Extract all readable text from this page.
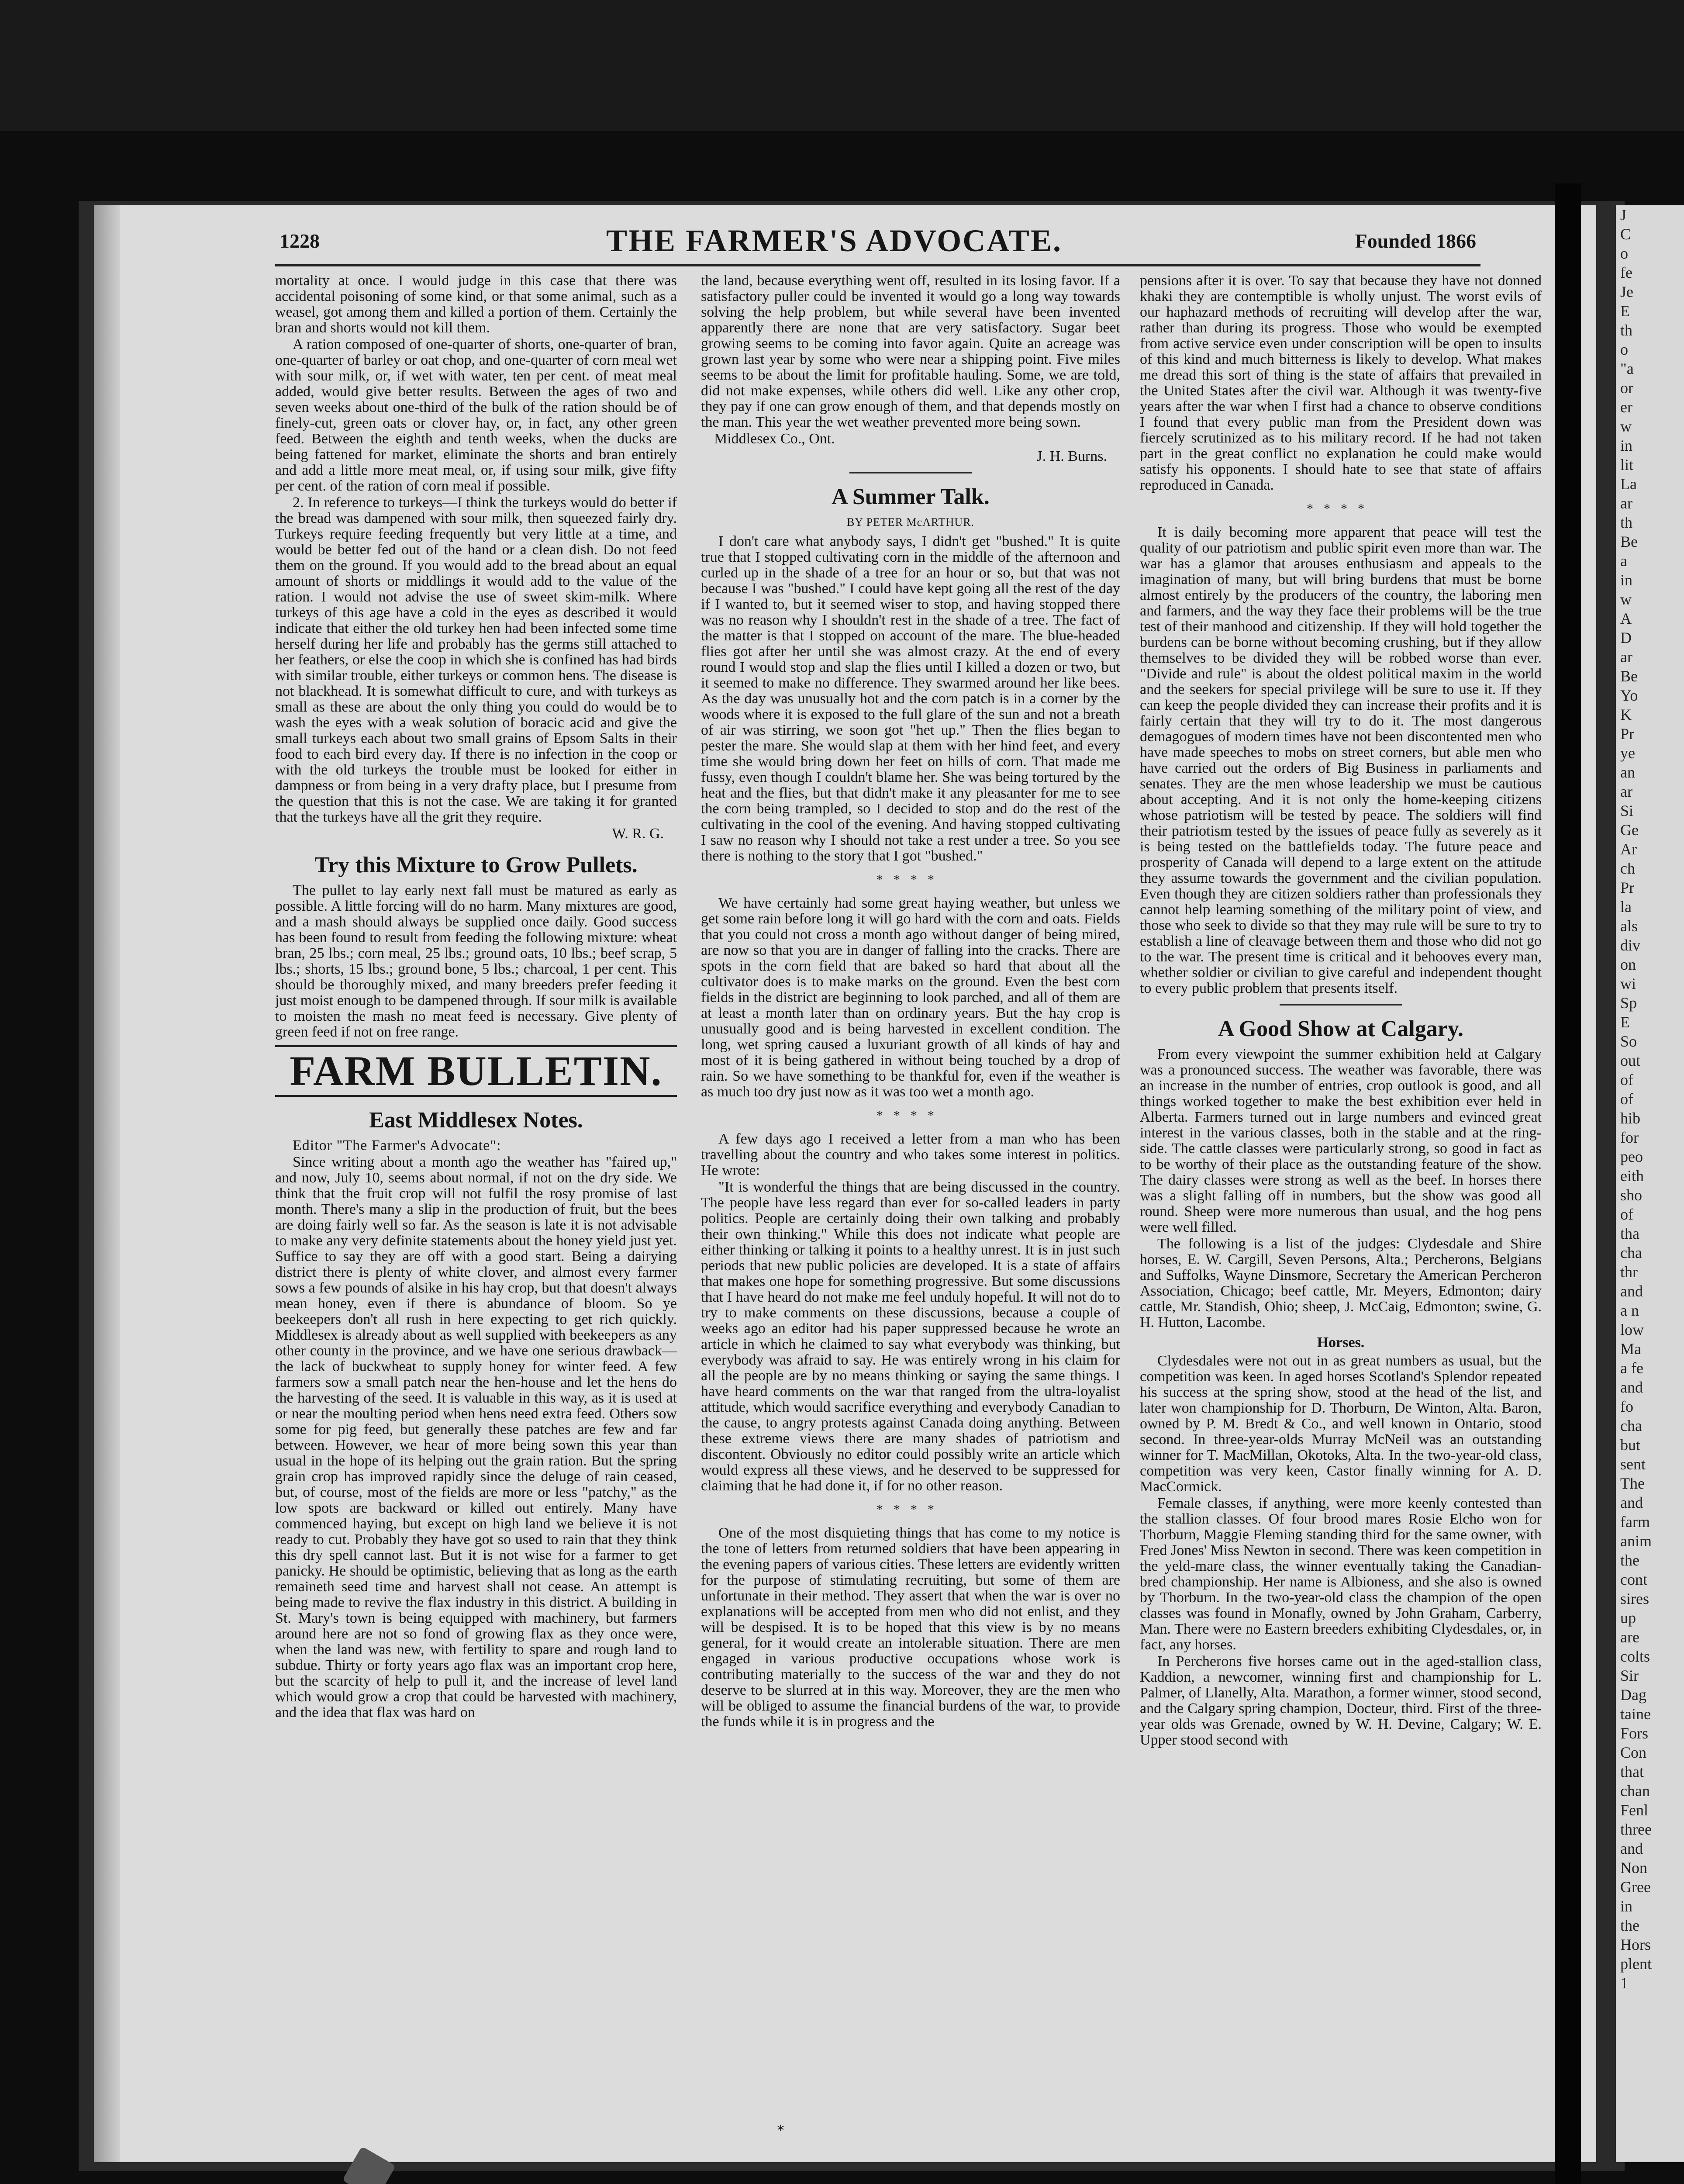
1228	THE FARMER'S ADVOCATE.	Founded 1866

mortality at once. I would judge in this case that there was accidental poisoning of some kind, or that some animal, such as a weasel, got among them and killed a portion of them. Certainly the bran and shorts would not kill them.

A ration composed of one-quarter of shorts, one-quarter of bran, one-quarter of barley or oat chop, and one-quarter of corn meal wet with sour milk, or, if wet with water, ten per cent. of meat meal added, would give better results. Between the ages of two and seven weeks about one-third of the bulk of the ration should be of finely-cut, green oats or clover hay, or, in fact, any other green feed. Between the eighth and tenth weeks, when the ducks are being fattened for market, eliminate the shorts and bran entirely and add a little more meat meal, or, if using sour milk, give fifty per cent. of the ration of corn meal if possible.

2. In reference to turkeys—I think the turkeys would do better if the bread was dampened with sour milk, then squeezed fairly dry. Turkeys require feeding frequently but very little at a time, and would be better fed out of the hand or a clean dish. Do not feed them on the ground. If you would add to the bread about an equal amount of shorts or middlings it would add to the value of the ration. I would not advise the use of sweet skim-milk. Where turkeys of this age have a cold in the eyes as described it would indicate that either the old turkey hen had been infected some time herself during her life and probably has the germs still attached to her feathers, or else the coop in which she is confined has had birds with similar trouble, either turkeys or common hens. The disease is not blackhead. It is somewhat difficult to cure, and with turkeys as small as these are about the only thing you could do would be to wash the eyes with a weak solution of boracic acid and give the small turkeys each about two small grains of Epsom Salts in their food to each bird every day. If there is no infection in the coop or with the old turkeys the trouble must be looked for either in dampness or from being in a very drafty place, but I presume from the question that this is not the case. We are taking it for granted that the turkeys have all the grit they require.

W. R. G.
Try this Mixture to Grow Pullets.

The pullet to lay early next fall must be matured as early as possible. A little forcing will do no harm. Many mixtures are good, and a mash should always be supplied once daily. Good success has been found to result from feeding the following mixture: wheat bran, 25 lbs.; corn meal, 25 lbs.; ground oats, 10 lbs.; beef scrap, 5 lbs.; shorts, 15 lbs.; ground bone, 5 lbs.; charcoal, 1 per cent. This should be thoroughly mixed, and many breeders prefer feeding it just moist enough to be dampened through. If sour milk is available to moisten the mash no meat feed is necessary. Give plenty of green feed if not on free range.

FARM BULLETIN.
East Middlesex Notes.

Editor "The Farmer's Advocate":

Since writing about a month ago the weather has "faired up," and now, July 10, seems about normal, if not on the dry side. We think that the fruit crop will not fulfil the rosy promise of last month. There's many a slip in the production of fruit, but the bees are doing fairly well so far. As the season is late it is not advisable to make any very definite statements about the honey yield just yet. Suffice to say they are off with a good start. Being a dairying district there is plenty of white clover, and almost every farmer sows a few pounds of alsike in his hay crop, but that doesn't always mean honey, even if there is abundance of bloom. So ye beekeepers don't all rush in here expecting to get rich quickly. Middlesex is already about as well supplied with beekeepers as any other county in the province, and we have one serious drawback—the lack of buckwheat to supply honey for winter feed. A few farmers sow a small patch near the hen-house and let the hens do the harvesting of the seed. It is valuable in this way, as it is used at or near the moulting period when hens need extra feed. Others sow some for pig feed, but generally these patches are few and far between. However, we hear of more being sown this year than usual in the hope of its helping out the grain ration. But the spring grain crop has improved rapidly since the deluge of rain ceased, but, of course, most of the fields are more or less "patchy," as the low spots are backward or killed out entirely. Many have commenced haying, but except on high land we believe it is not ready to cut. Probably they have got so used to rain that they think this dry spell cannot last. But it is not wise for a farmer to get panicky. He should be optimistic, believing that as long as the earth remaineth seed time and harvest shall not cease. An attempt is being made to revive the flax industry in this district. A building in St. Mary's town is being equipped with machinery, but farmers around here are not so fond of growing flax as they once were, when the land was new, with fertility to spare and rough land to subdue. Thirty or forty years ago flax was an important crop here, but the scarcity of help to pull it, and the increase of level land which would grow a crop that could be harvested with machinery, and the idea that flax was hard on

the land, because everything went off, resulted in its losing favor. If a satisfactory puller could be invented it would go a long way towards solving the help problem, but while several have been invented apparently there are none that are very satisfactory. Sugar beet growing seems to be coming into favor again. Quite an acreage was grown last year by some who were near a shipping point. Five miles seems to be about the limit for profitable hauling. Some, we are told, did not make expenses, while others did well. Like any other crop, they pay if one can grow enough of them, and that depends mostly on the man. This year the wet weather prevented more being sown.

Middlesex Co., Ont.
J. H. Burns.
A Summer Talk.
BY PETER McARTHUR.

I don't care what anybody says, I didn't get "bushed." It is quite true that I stopped cultivating corn in the middle of the afternoon and curled up in the shade of a tree for an hour or so, but that was not because I was "bushed." I could have kept going all the rest of the day if I wanted to, but it seemed wiser to stop, and having stopped there was no reason why I shouldn't rest in the shade of a tree. The fact of the matter is that I stopped on account of the mare. The blue-headed flies got after her until she was almost crazy. At the end of every round I would stop and slap the flies until I killed a dozen or two, but it seemed to make no difference. They swarmed around her like bees. As the day was unusually hot and the corn patch is in a corner by the woods where it is exposed to the full glare of the sun and not a breath of air was stirring, we soon got "het up." Then the flies began to pester the mare. She would slap at them with her hind feet, and every time she would bring down her feet on hills of corn. That made me fussy, even though I couldn't blame her. She was being tortured by the heat and the flies, but that didn't make it any pleasanter for me to see the corn being trampled, so I decided to stop and do the rest of the cultivating in the cool of the evening. And having stopped cultivating I saw no reason why I should not take a rest under a tree. So you see there is nothing to the story that I got "bushed."

****

We have certainly had some great haying weather, but unless we get some rain before long it will go hard with the corn and oats. Fields that you could not cross a month ago without danger of being mired, are now so that you are in danger of falling into the cracks. There are spots in the corn field that are baked so hard that about all the cultivator does is to make marks on the ground. Even the best corn fields in the district are beginning to look parched, and all of them are at least a month later than on ordinary years. But the hay crop is unusually good and is being harvested in excellent condition. The long, wet spring caused a luxuriant growth of all kinds of hay and most of it is being gathered in without being touched by a drop of rain. So we have something to be thankful for, even if the weather is as much too dry just now as it was too wet a month ago.

****

A few days ago I received a letter from a man who has been travelling about the country and who takes some interest in politics. He wrote:

"It is wonderful the things that are being discussed in the country. The people have less regard than ever for so-called leaders in party politics. People are certainly doing their own talking and probably their own thinking." While this does not indicate what people are either thinking or talking it points to a healthy unrest. It is in just such periods that new public policies are developed. It is a state of affairs that makes one hope for something progressive. But some discussions that I have heard do not make me feel unduly hopeful. It will not do to try to make comments on these discussions, because a couple of weeks ago an editor had his paper suppressed because he wrote an article in which he claimed to say what everybody was thinking, but everybody was afraid to say. He was entirely wrong in his claim for all the people are by no means thinking or saying the same things. I have heard comments on the war that ranged from the ultra-loyalist attitude, which would sacrifice everything and everybody Canadian to the cause, to angry protests against Canada doing anything. Between these extreme views there are many shades of patriotism and discontent. Obviously no editor could possibly write an article which would express all these views, and he deserved to be suppressed for claiming that he had done it, if for no other reason.

****

One of the most disquieting things that has come to my notice is the tone of letters from returned soldiers that have been appearing in the evening papers of various cities. These letters are evidently written for the purpose of stimulating recruiting, but some of them are unfortunate in their method. They assert that when the war is over no explanations will be accepted from men who did not enlist, and they will be despised. It is to be hoped that this view is by no means general, for it would create an intolerable situation. There are men engaged in various productive occupations whose work is contributing materially to the success of the war and they do not deserve to be slurred at in this way. Moreover, they are the men who will be obliged to assume the financial burdens of the war, to provide the funds while it is in progress and the

pensions after it is over. To say that because they have not donned khaki they are contemptible is wholly unjust. The worst evils of our haphazard methods of recruiting will develop after the war, rather than during its progress. Those who would be exempted from active service even under conscription will be open to insults of this kind and much bitterness is likely to develop. What makes me dread this sort of thing is the state of affairs that prevailed in the United States after the civil war. Although it was twenty-five years after the war when I first had a chance to observe conditions I found that every public man from the President down was fiercely scrutinized as to his military record. If he had not taken part in the great conflict no explanation he could make would satisfy his opponents. I should hate to see that state of affairs reproduced in Canada.

****

It is daily becoming more apparent that peace will test the quality of our patriotism and public spirit even more than war. The war has a glamor that arouses enthusiasm and appeals to the imagination of many, but will bring burdens that must be borne almost entirely by the producers of the country, the laboring men and farmers, and the way they face their problems will be the true test of their manhood and citizenship. If they will hold together the burdens can be borne without becoming crushing, but if they allow themselves to be divided they will be robbed worse than ever. "Divide and rule" is about the oldest political maxim in the world and the seekers for special privilege will be sure to use it. If they can keep the people divided they can increase their profits and it is fairly certain that they will try to do it. The most dangerous demagogues of modern times have not been discontented men who have made speeches to mobs on street corners, but able men who have carried out the orders of Big Business in parliaments and senates. They are the men whose leadership we must be cautious about accepting. And it is not only the home-keeping citizens whose patriotism will be tested by peace. The soldiers will find their patriotism tested by the issues of peace fully as severely as it is being tested on the battlefields today. The future peace and prosperity of Canada will depend to a large extent on the attitude they assume towards the government and the civilian population. Even though they are citizen soldiers rather than professionals they cannot help learning something of the military point of view, and those who seek to divide so that they may rule will be sure to try to establish a line of cleavage between them and those who did not go to the war. The present time is critical and it behooves every man, whether soldier or civilian to give careful and independent thought to every public problem that presents itself.

A Good Show at Calgary.

From every viewpoint the summer exhibition held at Calgary was a pronounced success. The weather was favorable, there was an increase in the number of entries, crop outlook is good, and all things worked together to make the best exhibition ever held in Alberta. Farmers turned out in large numbers and evinced great interest in the various classes, both in the stable and at the ring-side. The cattle classes were particularly strong, so good in fact as to be worthy of their place as the outstanding feature of the show. The dairy classes were strong as well as the beef. In horses there was a slight falling off in numbers, but the show was good all round. Sheep were more numerous than usual, and the hog pens were well filled.

The following is a list of the judges: Clydesdale and Shire horses, E. W. Cargill, Seven Persons, Alta.; Percherons, Belgians and Suffolks, Wayne Dinsmore, Secretary the American Percheron Association, Chicago; beef cattle, Mr. Meyers, Edmonton; dairy cattle, Mr. Standish, Ohio; sheep, J. McCaig, Edmonton; swine, G. H. Hutton, Lacombe.

Horses.

Clydesdales were not out in as great numbers as usual, but the competition was keen. In aged horses Scotland's Splendor repeated his success at the spring show, stood at the head of the list, and later won championship for D. Thorburn, De Winton, Alta. Baron, owned by P. M. Bredt & Co., and well known in Ontario, stood second. In three-year-olds Murray McNeil was an outstanding winner for T. MacMillan, Okotoks, Alta. In the two-year-old class, competition was very keen, Castor finally winning for A. D. MacCormick.

Female classes, if anything, were more keenly contested than the stallion classes. Of four brood mares Rosie Elcho won for Thorburn, Maggie Fleming standing third for the same owner, with Fred Jones' Miss Newton in second. There was keen competition in the yeld-mare class, the winner eventually taking the Canadian-bred championship. Her name is Albioness, and she also is owned by Thorburn. In the two-year-old class the champion of the open classes was found in Monafly, owned by John Graham, Carberry, Man. There were no Eastern breeders exhibiting Clydesdales, or, in fact, any horses.

In Percherons five horses came out in the aged-stallion class, Kaddion, a newcomer, winning first and championship for L. Palmer, of Llanelly, Alta. Marathon, a former winner, stood second, and the Calgary spring champion, Docteur, third. First of the three-year olds was Grenade, owned by W. H. Devine, Calgary; W. E. Upper stood second with

J
C
o
fe
Je
E
th
o
"a
or
er
w
in
lit
La
ar
th
Be
a
in
w
A
D
ar
Be
Yo
K
Pr
ye
an
ar
Si
Ge
Ar
ch
Pr
la
als
div
on
wi
Sp
E
So
out
of
of
hib
for
peo
eith
sho
of
tha
cha
thr
and
a n
low
Ma
a fe
and
fo
cha
but
sent
The
and
farm
anim
the
cont
sires
up
are
colts
Sir
Dag
taine
Fors
Con
that
chan
Fenl
three
and
Non
Gree
in
the
Hors
plent
1
*
